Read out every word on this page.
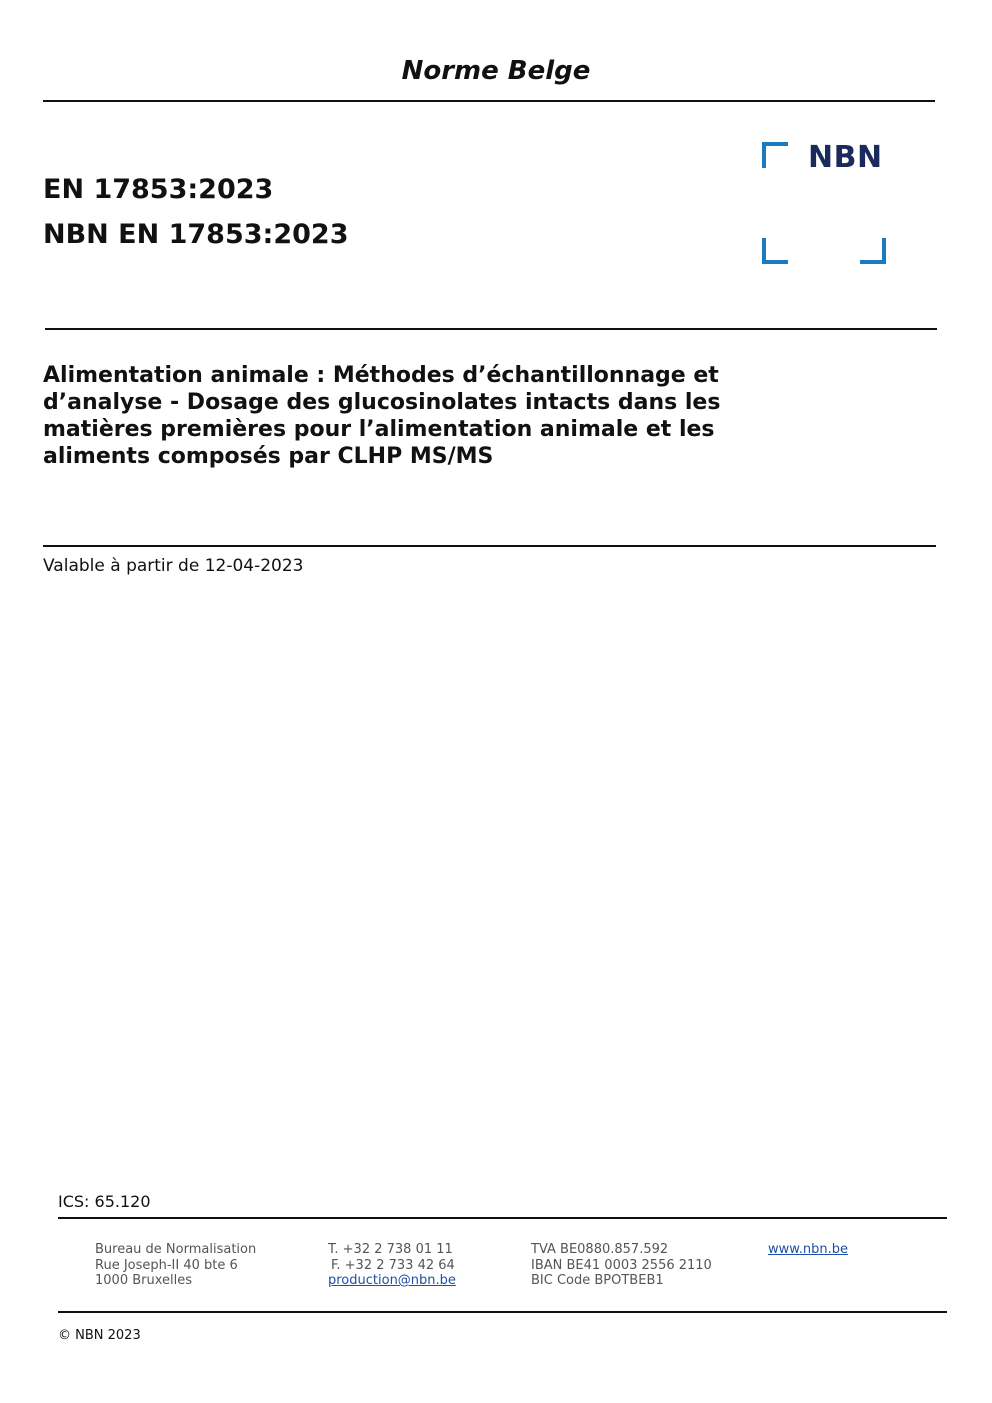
Norme Belge
EN 17853:2023
NBN EN 17853:2023
NBN
Alimentation animale : Méthodes d’échantillonnage et d’analyse - Dosage des glucosinolates intacts dans les matières premières pour l’alimentation animale et les aliments composés par CLHP MS/MS
Valable à partir de 12-04-2023
ICS: 65.120
Bureau de Normalisation
Rue Joseph-II 40 bte 6
1000 Bruxelles
T. +32 2 738 01 11
F. +32 2 733 42 64
production@nbn.be
TVA BE0880.857.592
IBAN BE41 0003 2556 2110
BIC Code BPOTBEB1
www.nbn.be
© NBN 2023
